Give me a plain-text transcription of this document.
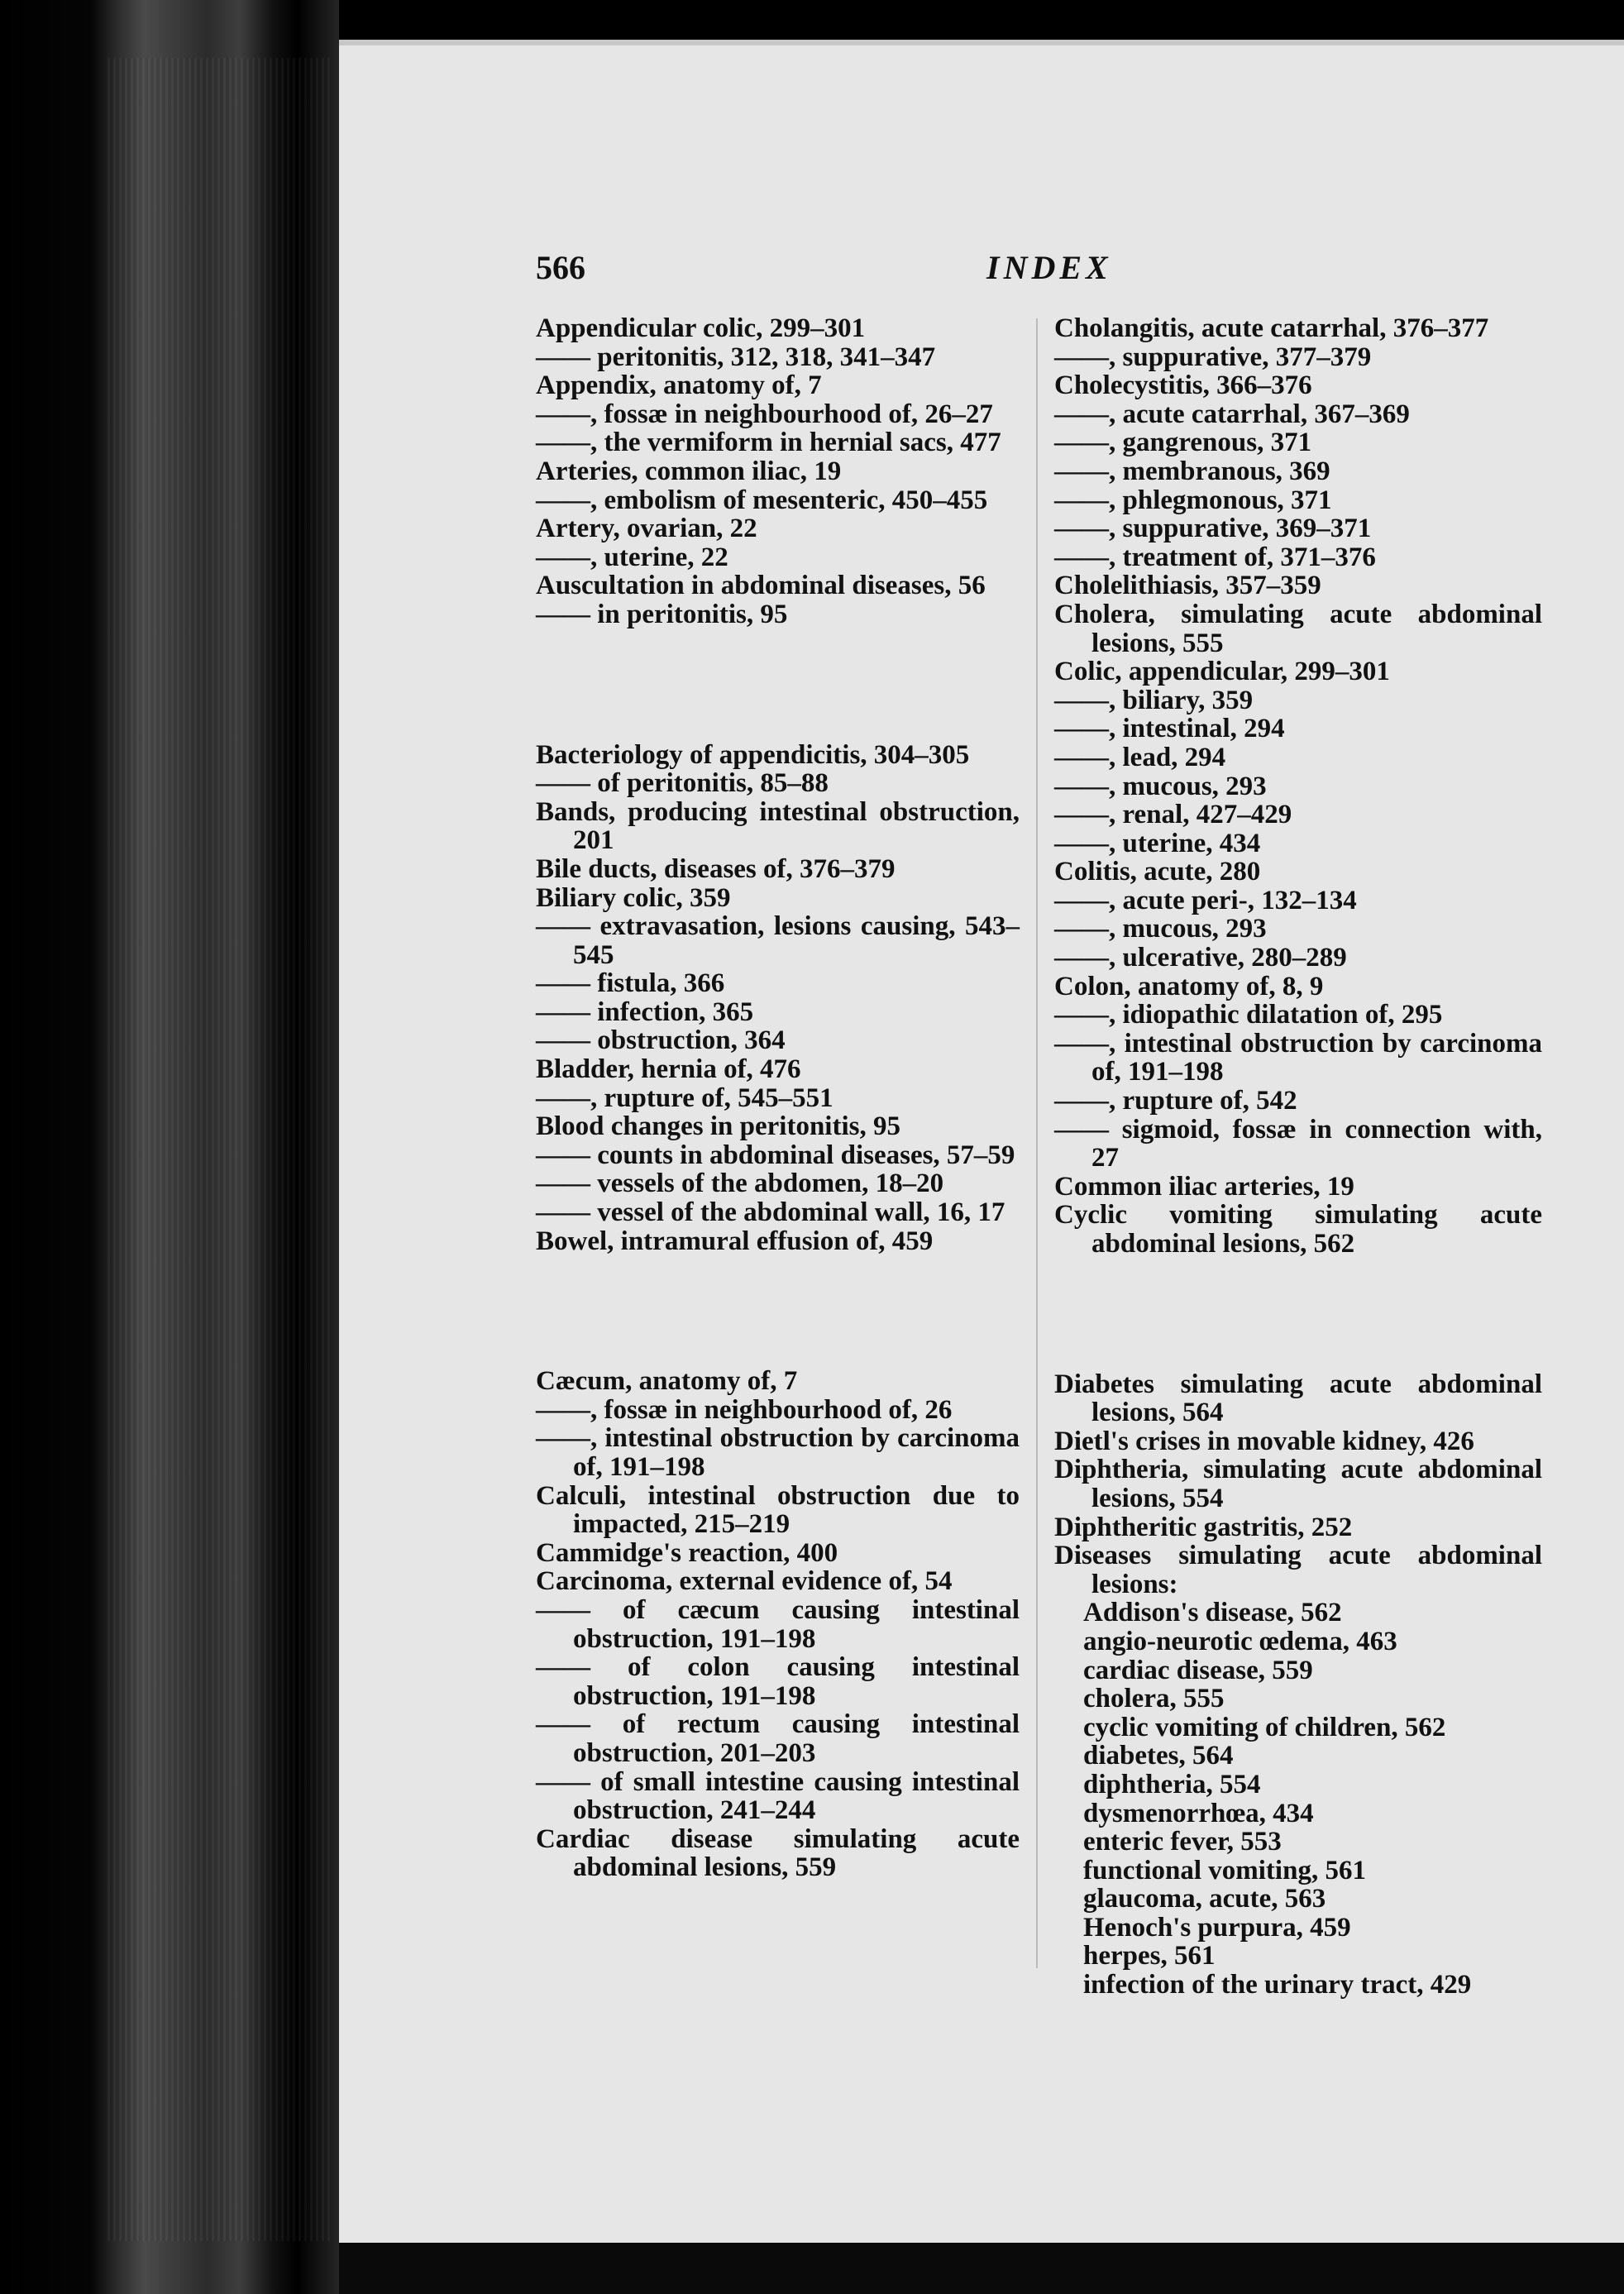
566	INDEX

Appendicular colic, 299–301

—— peritonitis, 312, 318, 341–347

Appendix, anatomy of, 7

——, fossæ in neighbourhood of, 26–27

——, the vermiform in hernial sacs, 477

Arteries, common iliac, 19

——, embolism of mesenteric, 450–455

Artery, ovarian, 22

——, uterine, 22

Auscultation in abdominal diseases, 56

—— in peritonitis, 95

Bacteriology of appendicitis, 304–305

—— of peritonitis, 85–88

Bands, producing intestinal obstruction, 201

Bile ducts, diseases of, 376–379

Biliary colic, 359

—— extravasation, lesions causing, 543–545

—— fistula, 366

—— infection, 365

—— obstruction, 364

Bladder, hernia of, 476

——, rupture of, 545–551

Blood changes in peritonitis, 95

—— counts in abdominal diseases, 57–59

—— vessels of the abdomen, 18–20

—— vessel of the abdominal wall, 16, 17

Bowel, intramural effusion of, 459

Cæcum, anatomy of, 7

——, fossæ in neighbourhood of, 26

——, intestinal obstruction by carcinoma of, 191–198

Calculi, intestinal obstruction due to impacted, 215–219

Cammidge's reaction, 400

Carcinoma, external evidence of, 54

—— of cæcum causing intestinal obstruction, 191–198

—— of colon causing intestinal obstruction, 191–198

—— of rectum causing intestinal obstruction, 201–203

—— of small intestine causing intestinal obstruction, 241–244

Cardiac disease simulating acute abdominal lesions, 559

Cholangitis, acute catarrhal, 376–377

——, suppurative, 377–379

Cholecystitis, 366–376

——, acute catarrhal, 367–369

——, gangrenous, 371

——, membranous, 369

——, phlegmonous, 371

——, suppurative, 369–371

——, treatment of, 371–376

Cholelithiasis, 357–359

Cholera, simulating acute abdominal lesions, 555

Colic, appendicular, 299–301

——, biliary, 359

——, intestinal, 294

——, lead, 294

——, mucous, 293

——, renal, 427–429

——, uterine, 434

Colitis, acute, 280

——, acute peri-, 132–134

——, mucous, 293

——, ulcerative, 280–289

Colon, anatomy of, 8, 9

——, idiopathic dilatation of, 295

——, intestinal obstruction by carcinoma of, 191–198

——, rupture of, 542

—— sigmoid, fossæ in connection with, 27

Common iliac arteries, 19

Cyclic vomiting simulating acute abdominal lesions, 562

Diabetes simulating acute abdominal lesions, 564

Dietl's crises in movable kidney, 426

Diphtheria, simulating acute abdominal lesions, 554

Diphtheritic gastritis, 252

Diseases simulating acute abdominal lesions:

Addison's disease, 562

angio-neurotic œdema, 463

cardiac disease, 559

cholera, 555

cyclic vomiting of children, 562

diabetes, 564

diphtheria, 554

dysmenorrhœa, 434

enteric fever, 553

functional vomiting, 561

glaucoma, acute, 563

Henoch's purpura, 459

herpes, 561

infection of the urinary tract, 429
